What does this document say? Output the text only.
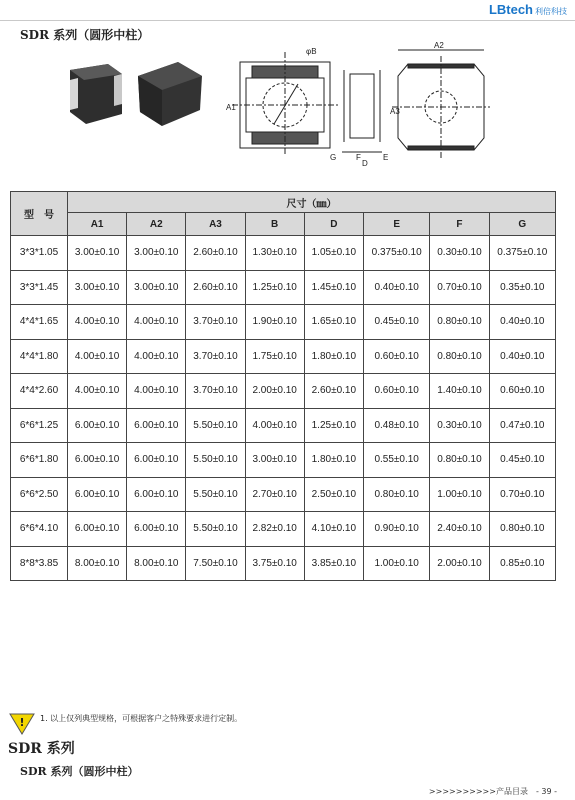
LBtech 利倍科技
SDR 系列（圆形中柱）
φB
A1
A2
A3
G F	E
D
型　号	尺寸（㎜）							
	A1	A2	A3	B	D	E	F	G
3*3*1.05	3.00±0.10	3.00±0.10	2.60±0.10	1.30±0.10	1.05±0.10	0.375±0.10	0.30±0.10	0.375±0.10
3*3*1.45	3.00±0.10	3.00±0.10	2.60±0.10	1.25±0.10	1.45±0.10	0.40±0.10	0.70±0.10	0.35±0.10
4*4*1.65	4.00±0.10	4.00±0.10	3.70±0.10	1.90±0.10	1.65±0.10	0.45±0.10	0.80±0.10	0.40±0.10
4*4*1.80	4.00±0.10	4.00±0.10	3.70±0.10	1.75±0.10	1.80±0.10	0.60±0.10	0.80±0.10	0.40±0.10
4*4*2.60	4.00±0.10	4.00±0.10	3.70±0.10	2.00±0.10	2.60±0.10	0.60±0.10	1.40±0.10	0.60±0.10
6*6*1.25	6.00±0.10	6.00±0.10	5.50±0.10	4.00±0.10	1.25±0.10	0.48±0.10	0.30±0.10	0.47±0.10
6*6*1.80	6.00±0.10	6.00±0.10	5.50±0.10	3.00±0.10	1.80±0.10	0.55±0.10	0.80±0.10	0.45±0.10
6*6*2.50	6.00±0.10	6.00±0.10	5.50±0.10	2.70±0.10	2.50±0.10	0.80±0.10	1.00±0.10	0.70±0.10
6*6*4.10	6.00±0.10	6.00±0.10	5.50±0.10	2.82±0.10	4.10±0.10	0.90±0.10	2.40±0.10	0.80±0.10
8*8*3.85	8.00±0.10	8.00±0.10	7.50±0.10	3.75±0.10	3.85±0.10	1.00±0.10	2.00±0.10	0.85±0.10
! 1. 以上仅列典型规格，可根据客户之特殊要求进行定制。
SDR 系列
SDR 系列（圆形中柱）
>>>>>>>>>>产品目录　- 39 -
